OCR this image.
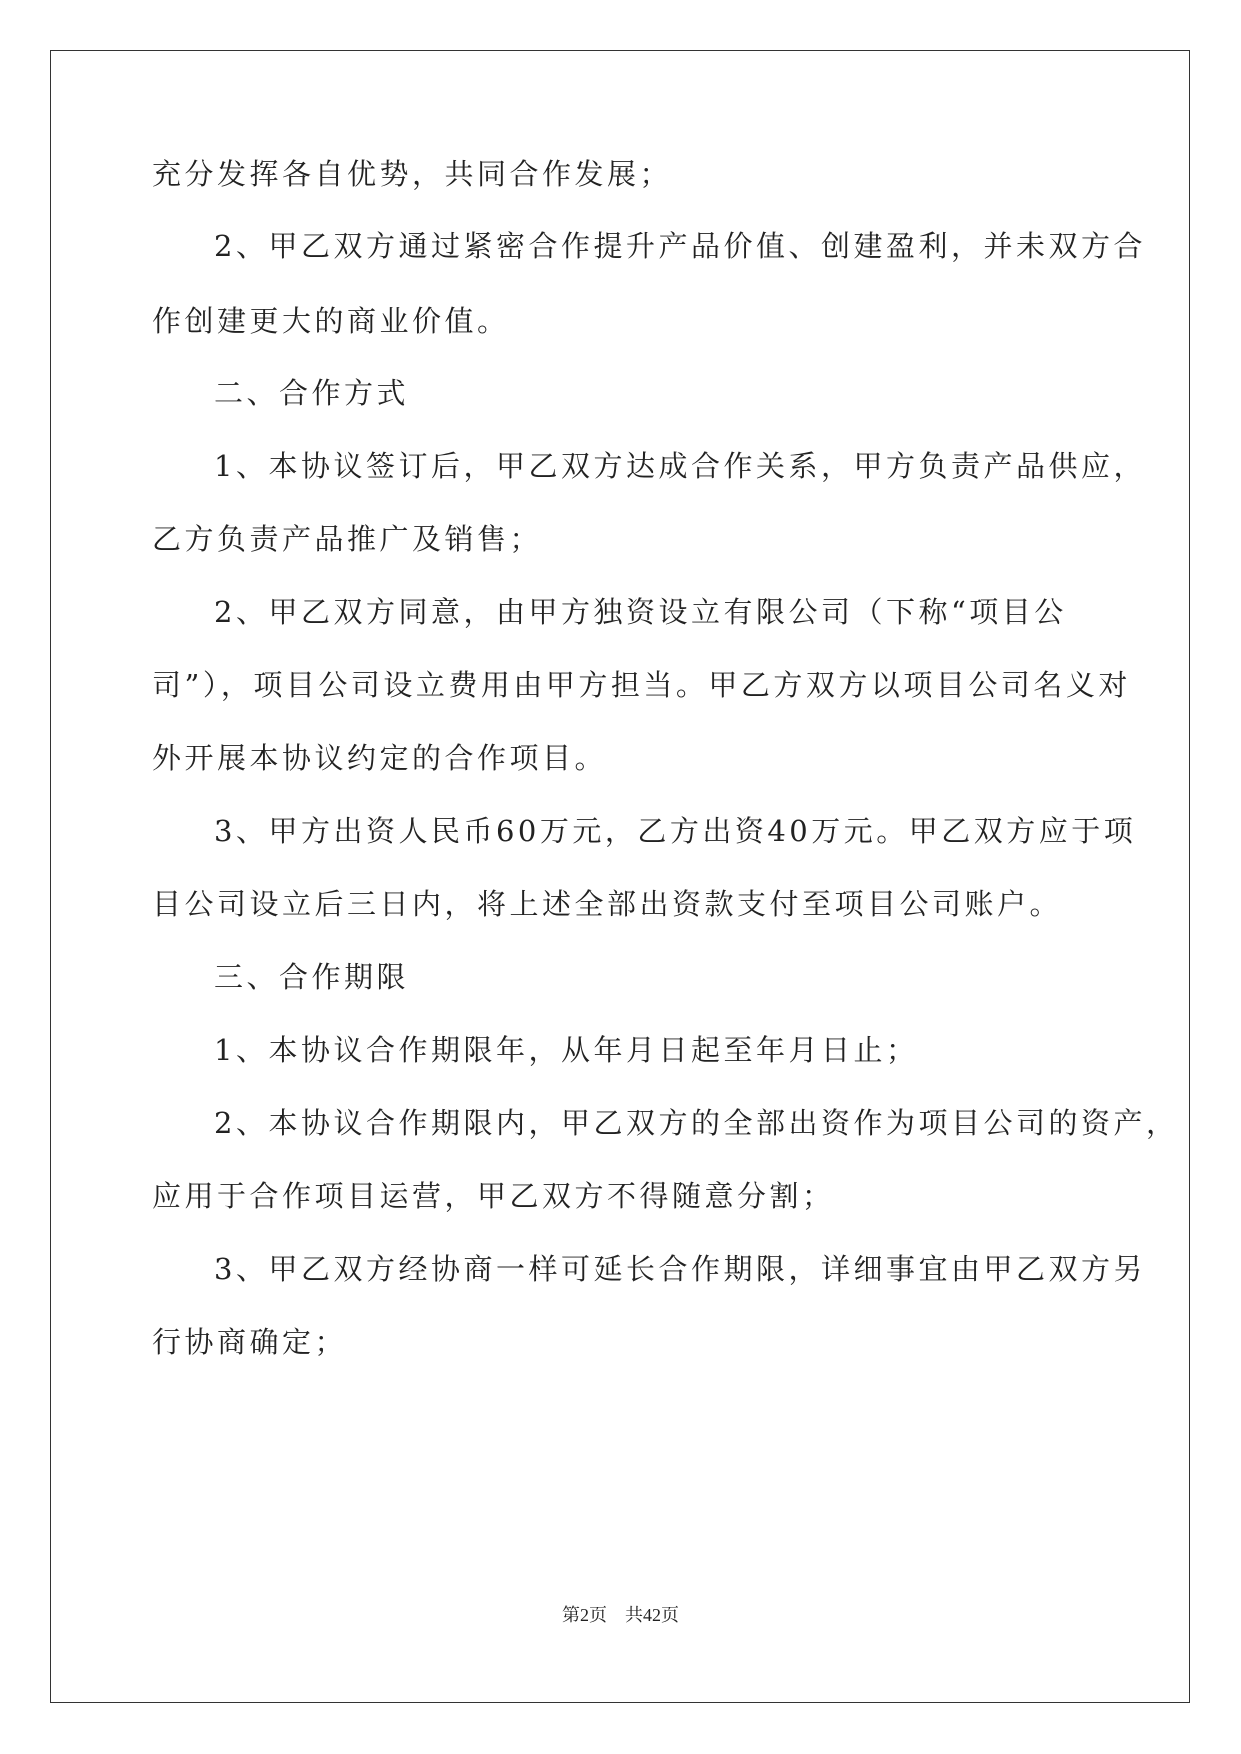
充分发挥各自优势，共同合作发展；
2、甲乙双方通过紧密合作提升产品价值、创建盈利，并未双方合
作创建更大的商业价值。
二、合作方式
1、本协议签订后，甲乙双方达成合作关系，甲方负责产品供应，
乙方负责产品推广及销售；
2、甲乙双方同意，由甲方独资设立有限公司（下称“项目公
司”），项目公司设立费用由甲方担当。甲乙方双方以项目公司名义对
外开展本协议约定的合作项目。
3、甲方出资人民币60万元，乙方出资40万元。甲乙双方应于项
目公司设立后三日内，将上述全部出资款支付至项目公司账户。
三、合作期限
1、本协议合作期限年，从年月日起至年月日止；
2、本协议合作期限内，甲乙双方的全部出资作为项目公司的资产，
应用于合作项目运营，甲乙双方不得随意分割；
3、甲乙双方经协商一样可延长合作期限，详细事宜由甲乙双方另
行协商确定；
第2页    共42页
